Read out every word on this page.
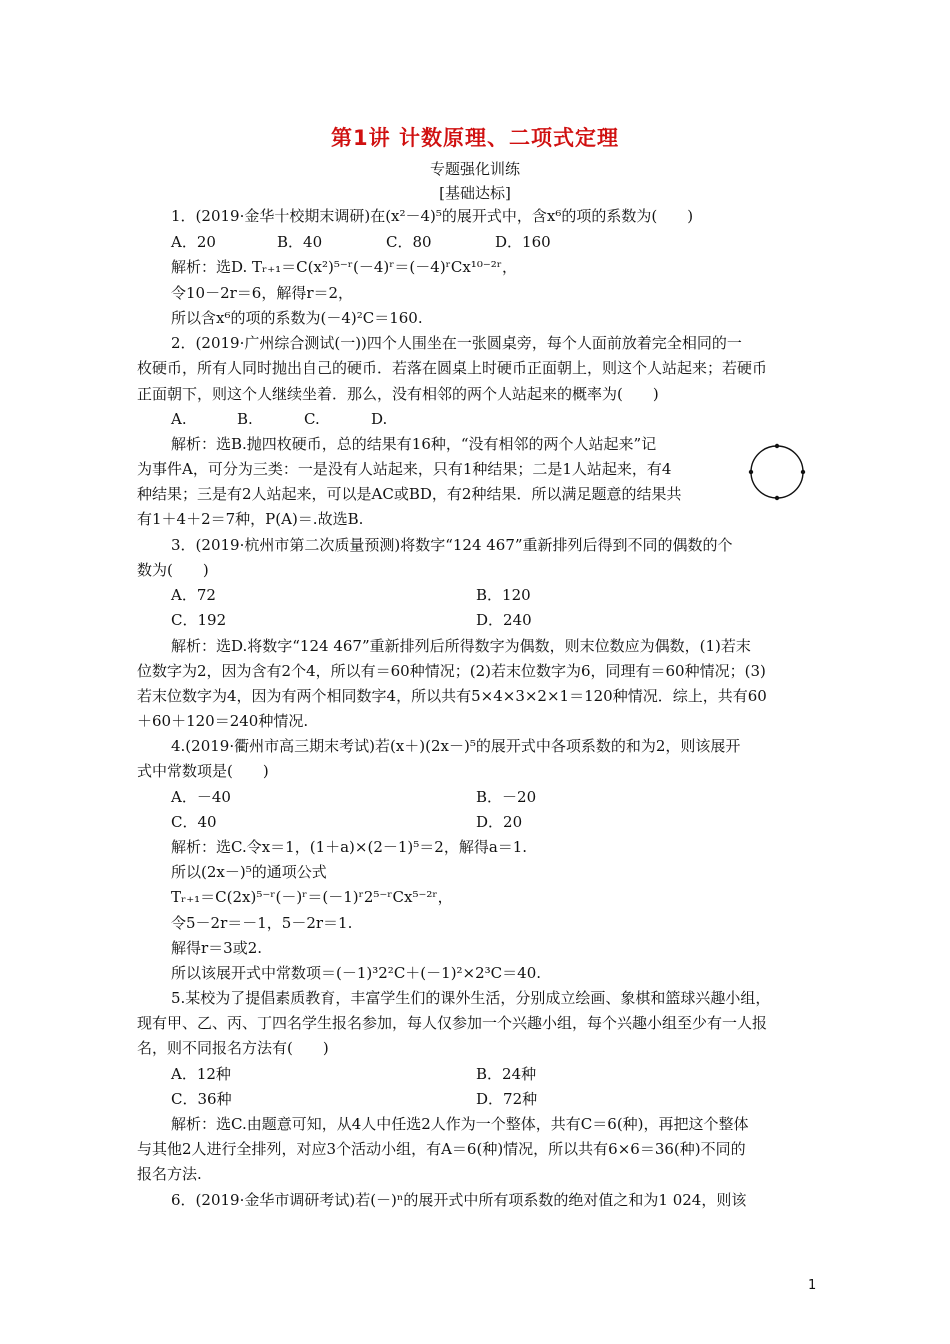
第1讲 计数原理、二项式定理
专题强化训练
[基础达标]
1．(2019·金华十校期末调研)在(x²－4)⁵的展开式中，含x⁶的项的系数为(　　)
A．20	B．40	C．80	D．160
解析：选D. Tᵣ₊₁＝C(x²)⁵⁻ʳ(－4)ʳ＝(－4)ʳCx¹⁰⁻²ʳ，
令10－2r＝6，解得r＝2，
所以含x⁶的项的系数为(－4)²C＝160.
2．(2019·广州综合测试(一))四个人围坐在一张圆桌旁，每个人面前放着完全相同的一
枚硬币，所有人同时抛出自己的硬币．若落在圆桌上时硬币正面朝上，则这个人站起来；若硬币
正面朝下，则这个人继续坐着．那么，没有相邻的两个人站起来的概率为(　　)
A.	B.	C.	D.
解析：选B.抛四枚硬币，总的结果有16种，“没有相邻的两个人站起来”记
为事件A，可分为三类：一是没有人站起来，只有1种结果；二是1人站起来，有4
种结果；三是有2人站起来，可以是AC或BD，有2种结果．所以满足题意的结果共
有1＋4＋2＝7种，P(A)＝.故选B.
3．(2019·杭州市第二次质量预测)将数字“124 467”重新排列后得到不同的偶数的个
数为(　　)
A．72	B．120
C．192	D．240
解析：选D.将数字“124 467”重新排列后所得数字为偶数，则末位数应为偶数，(1)若末
位数字为2，因为含有2个4，所以有＝60种情况；(2)若末位数字为6，同理有＝60种情况；(3)
若末位数字为4，因为有两个相同数字4，所以共有5×4×3×2×1＝120种情况．综上，共有60
＋60＋120＝240种情况.
4.(2019·衢州市高三期末考试)若(x＋)(2x－)⁵的展开式中各项系数的和为2，则该展开
式中常数项是(　　)
A．－40	B．－20
C．40	D．20
解析：选C.令x＝1，(1＋a)×(2－1)⁵＝2，解得a＝1.
所以(2x－)⁵的通项公式
Tᵣ₊₁＝C(2x)⁵⁻ʳ(－)ʳ＝(－1)ʳ2⁵⁻ʳCx⁵⁻²ʳ，
令5－2r＝－1，5－2r＝1.
解得r＝3或2.
所以该展开式中常数项＝(－1)³2²C＋(－1)²×2³C＝40.
5.某校为了提倡素质教育，丰富学生们的课外生活，分别成立绘画、象棋和篮球兴趣小组，
现有甲、乙、丙、丁四名学生报名参加，每人仅参加一个兴趣小组，每个兴趣小组至少有一人报
名，则不同报名方法有(　　)
A．12种	B．24种
C．36种	D．72种
解析：选C.由题意可知，从4人中任选2人作为一个整体，共有C＝6(种)，再把这个整体
与其他2人进行全排列，对应3个活动小组，有A＝6(种)情况，所以共有6×6＝36(种)不同的
报名方法.
6．(2019·金华市调研考试)若(－)ⁿ的展开式中所有项系数的绝对值之和为1 024，则该
1
